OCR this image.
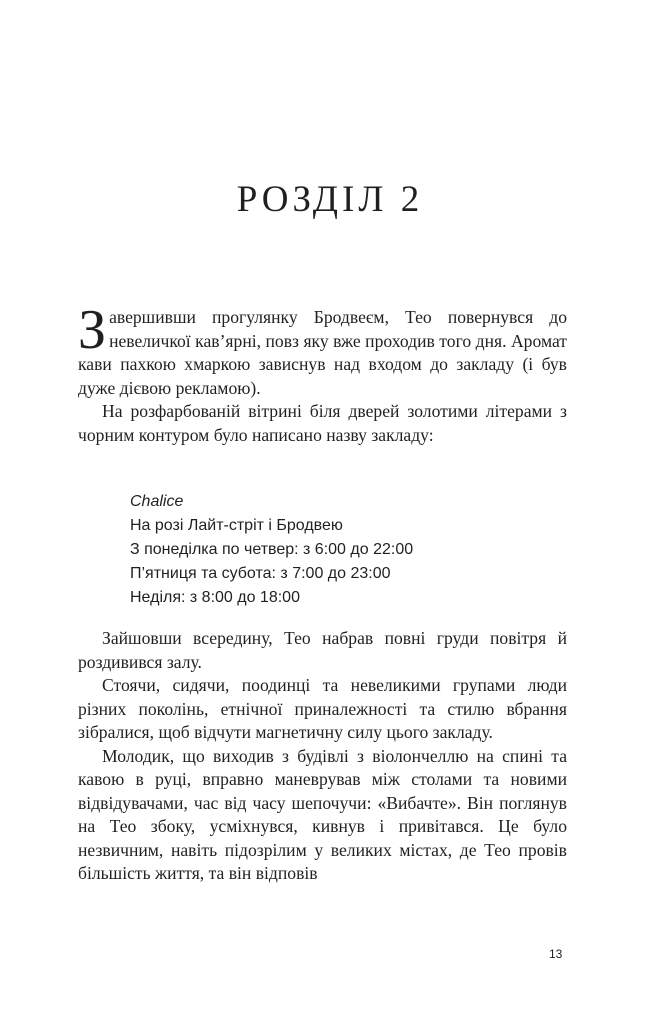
РОЗДІЛ 2

Завершивши прогулянку Бродвеєм, Тео повернувся до невеличкої кав’ярні, повз яку вже проходив того дня. Аромат кави пахкою хмаркою зависнув над входом до закладу (і був дуже дієвою рекламою).

На розфарбованій вітрині біля дверей золотими літерами з чорним контуром було написано назву закладу:

Chalice
На розі Лайт-стріт і Бродвею
З понеділка по четвер: з 6:00 до 22:00
П’ятниця та субота: з 7:00 до 23:00
Неділя: з 8:00 до 18:00

Зайшовши всередину, Тео набрав повні груди повітря й роздивився залу.

Стоячи, сидячи, поодинці та невеликими групами люди різних поколінь, етнічної приналежності та стилю вбрання зібралися, щоб відчути магнетичну силу цього закладу.

Молодик, що виходив з будівлі з віолончеллю на спині та кавою в руці, вправно маневрував між столами та новими відвідувачами, час від часу шепочучи: «Вибачте». Він поглянув на Тео збоку, усміхнувся, кивнув і привітався. Це було незвичним, навіть підозрілим у великих містах, де Тео провів більшість життя, та він відповів

13
